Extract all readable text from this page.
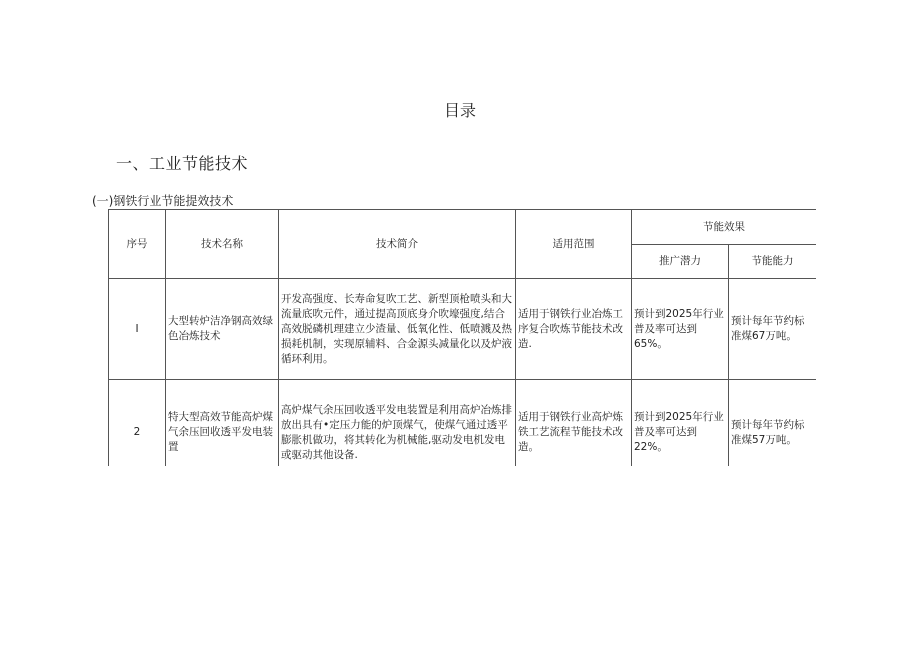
目录
一、工业节能技术
(一)钢铁行业节能提效技术
序号	技术名称	技术简介	适用范围	节能效果	
				推广潜力	节能能力
I	大型转炉洁净钢高效绿色冶炼技术	开发高强度、长寿命复吹工艺、新型顶枪喷头和大流量底吹元件，通过提高顶底身介吹壕强度,结合高效脱磷机理建立少渣量、低氧化性、低喷溅及热损耗机制，实现原辅料、合金源头减量化以及炉液循环利用。	适用于钢铁行业冶炼工序复合吹炼节能技术改造.	预计到2025年行业普及率可达到65%。	预计每年节约标准煤67万吨。
2	特大型高效节能高炉煤气余压回收透平发电装置	高炉煤气余压回收透平发电装置是利用高炉冶炼排放出具有•定压力能的炉顶煤气，使煤气通过透平膨胀机做功，将其转化为机械能,驱动发电机发电或驱动其他设备.	适用于钢铁行业高炉炼铁工艺流程节能技术改造。	预计到2025年行业普及率可达到22%。	预计每年节约标准煤57万吨。
